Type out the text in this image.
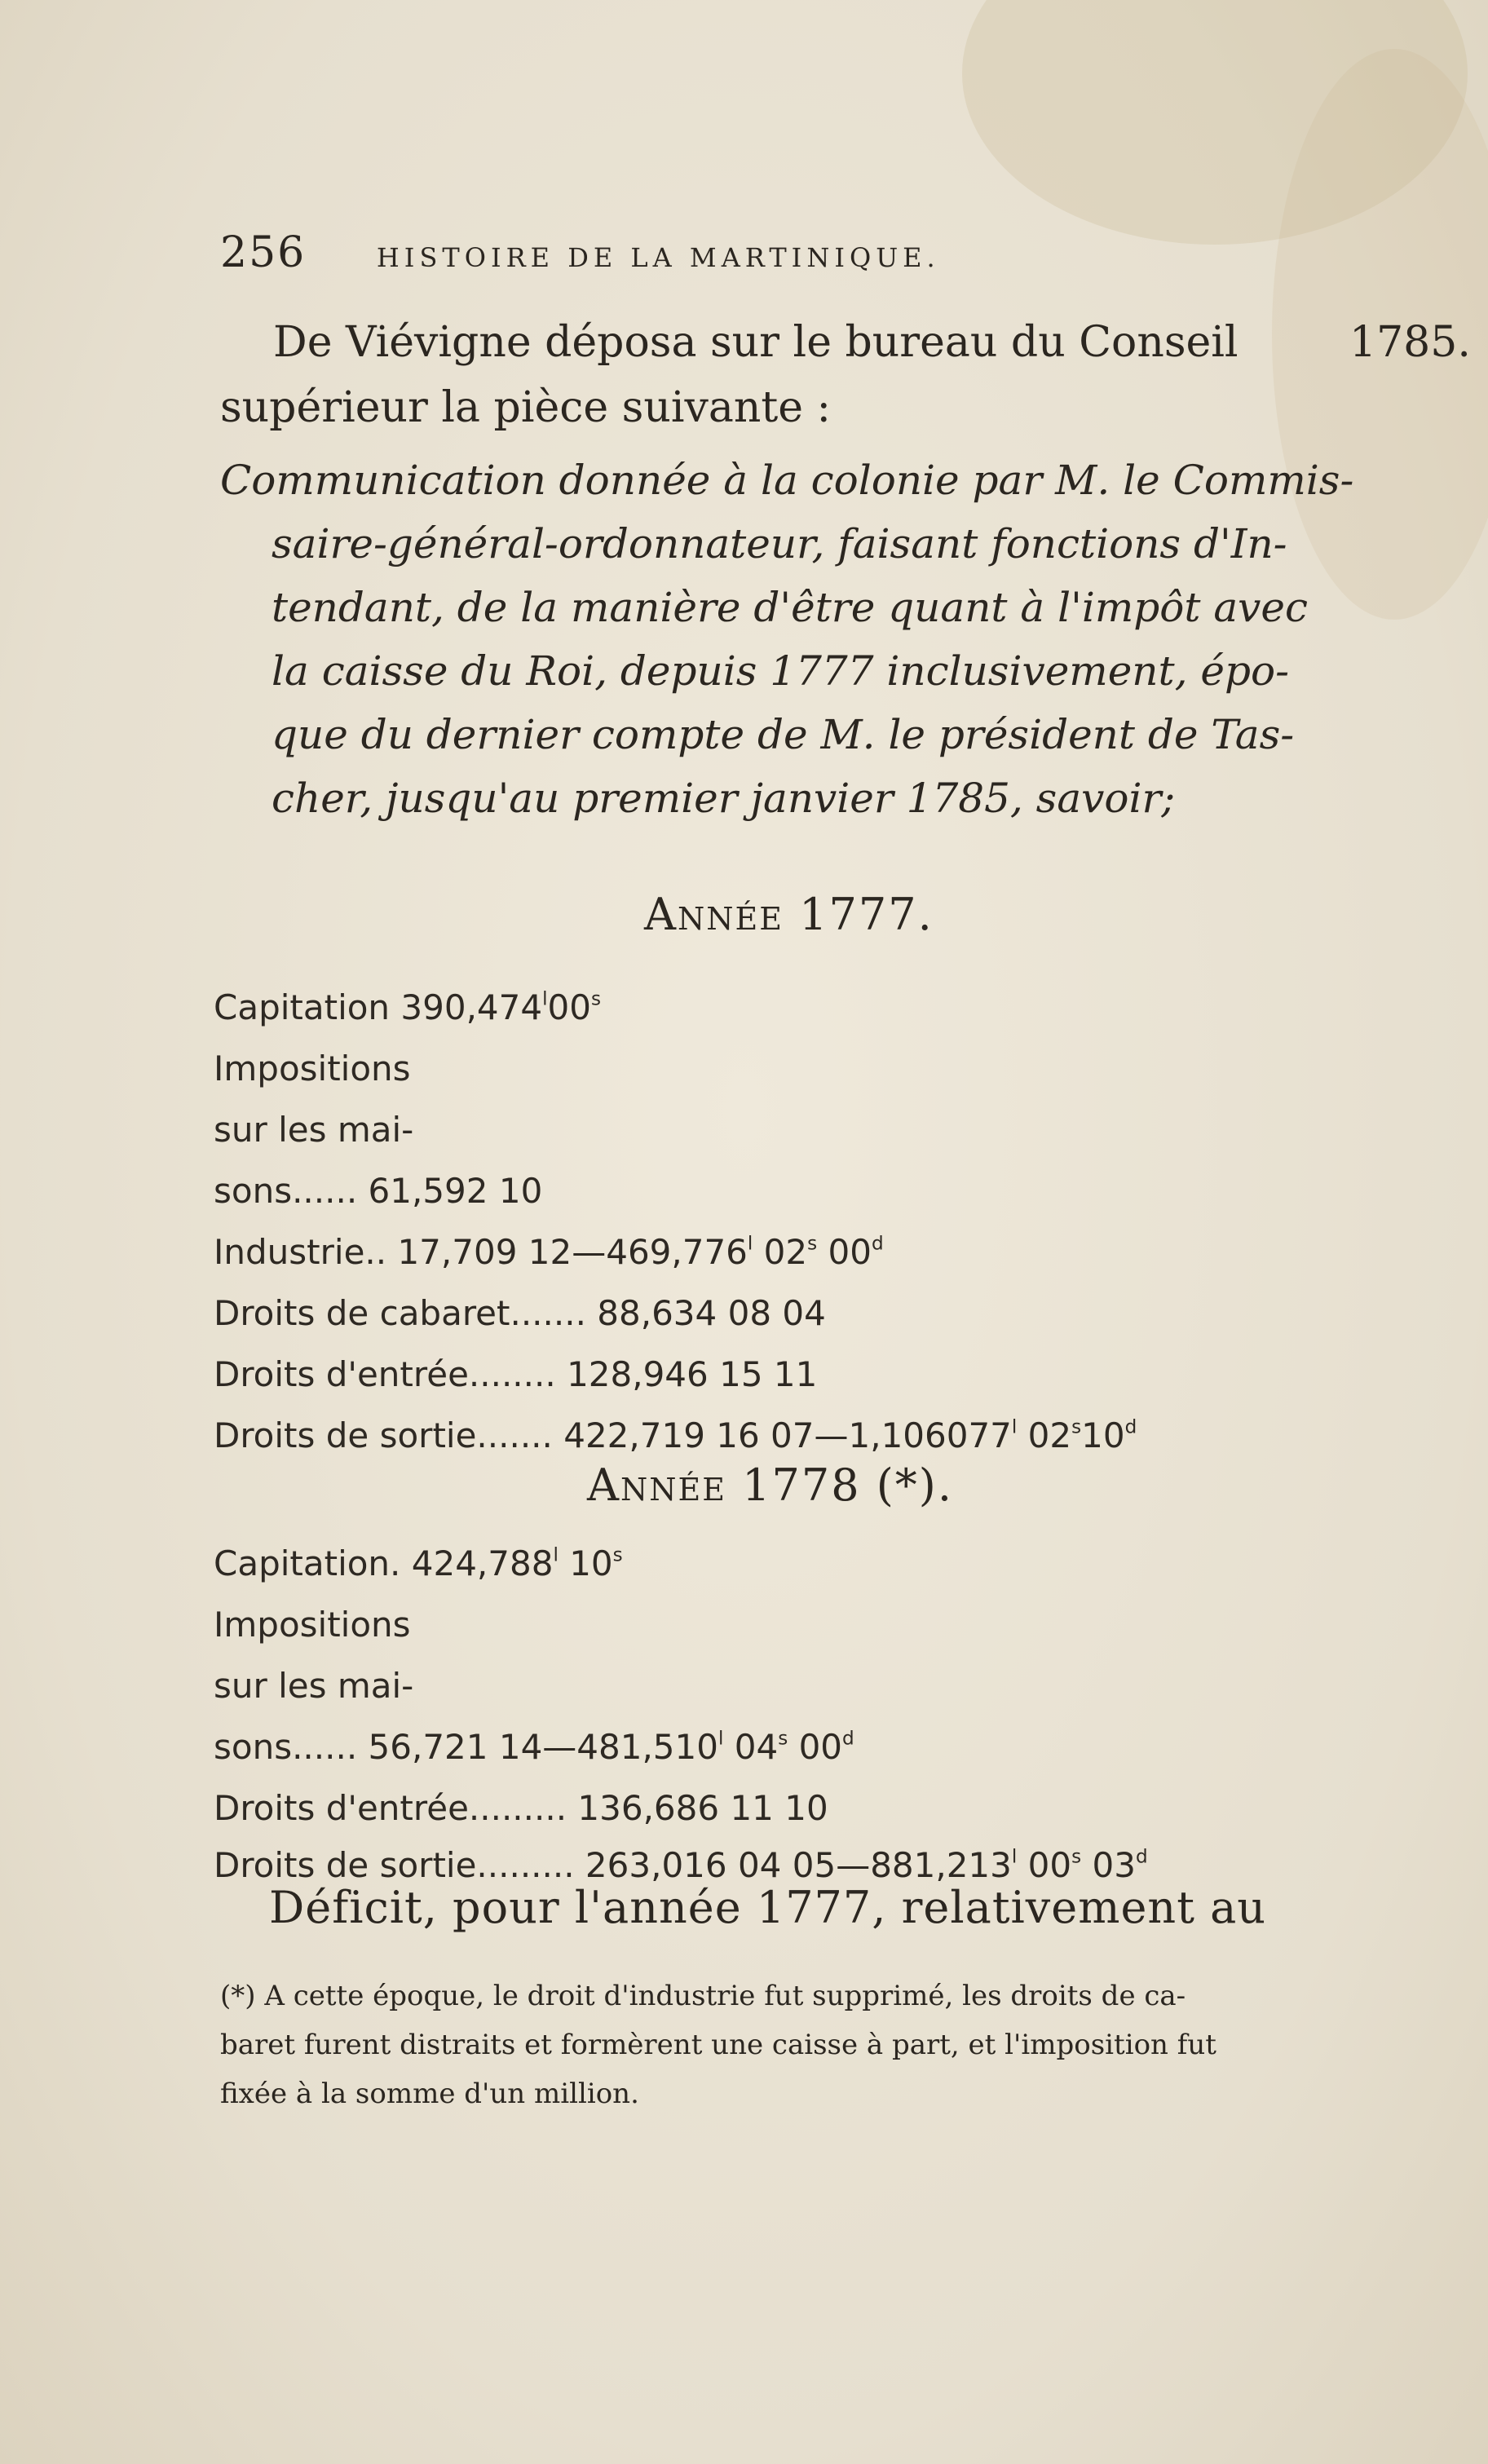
256	HISTOIRE DE LA MARTINIQUE.
De Viévigne déposa sur le bureau du Conseil	1785.
supérieur la pièce suivante :
Communication donnée à la colonie par M. le Commis-
saire-général-ordonnateur, faisant fonctions d'In-
tendant, de la manière d'être quant à l'impôt avec
la caisse du Roi, depuis 1777 inclusivement, épo-
que du dernier compte de M. le président de Tas-
cher, jusqu'au premier janvier 1785, savoir;
Année 1777.
Capitation 390,474$^l$00$^s$
Impositions
sur les mai-
sons...... 61,592 10
Industrie.. 17,709 12—469,776$^l$ 02$^s$ 00$^d$
Droits de cabaret....... 88,634 08 04
Droits d'entrée........ 128,946 15 11
Droits de sortie....... 422,719 16 07—1,106077$^l$ 02$^s$10$^d$
Année 1778 (*).
Capitation. 424,788$^l$ 10$^s$
Impositions
sur les mai-
sons...... 56,721 14—481,510$^l$ 04$^s$ 00$^d$
Droits d'entrée......... 136,686 11 10
Droits de sortie......... 263,016 04 05—881,213$^l$ 00$^s$ 03$^d$
Déficit, pour l'année 1777, relativement au
(*) A cette époque, le droit d'industrie fut supprimé, les droits de ca-
baret furent distraits et formèrent une caisse à part, et l'imposition fut
fixée à la somme d'un million.
